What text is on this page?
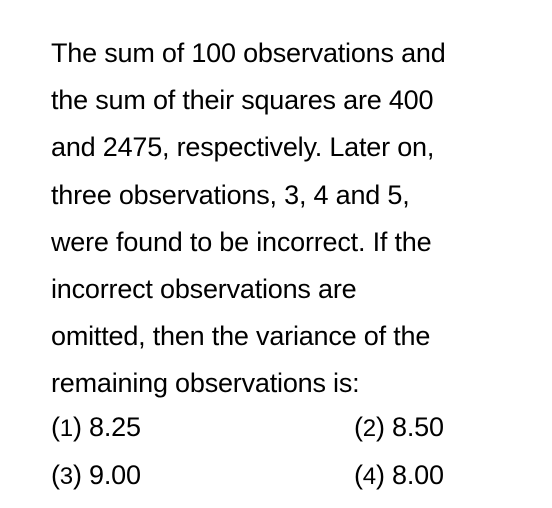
The sum of 100 observations and
the sum of their squares are 400
and 2475, respectively. Later on,
three observations, 3, 4 and 5,
were found to be incorrect. If the
incorrect observations are
omitted, then the variance of the
remaining observations is:
(1) 8.25	(2) 8.50
(3) 9.00	(4) 8.00
